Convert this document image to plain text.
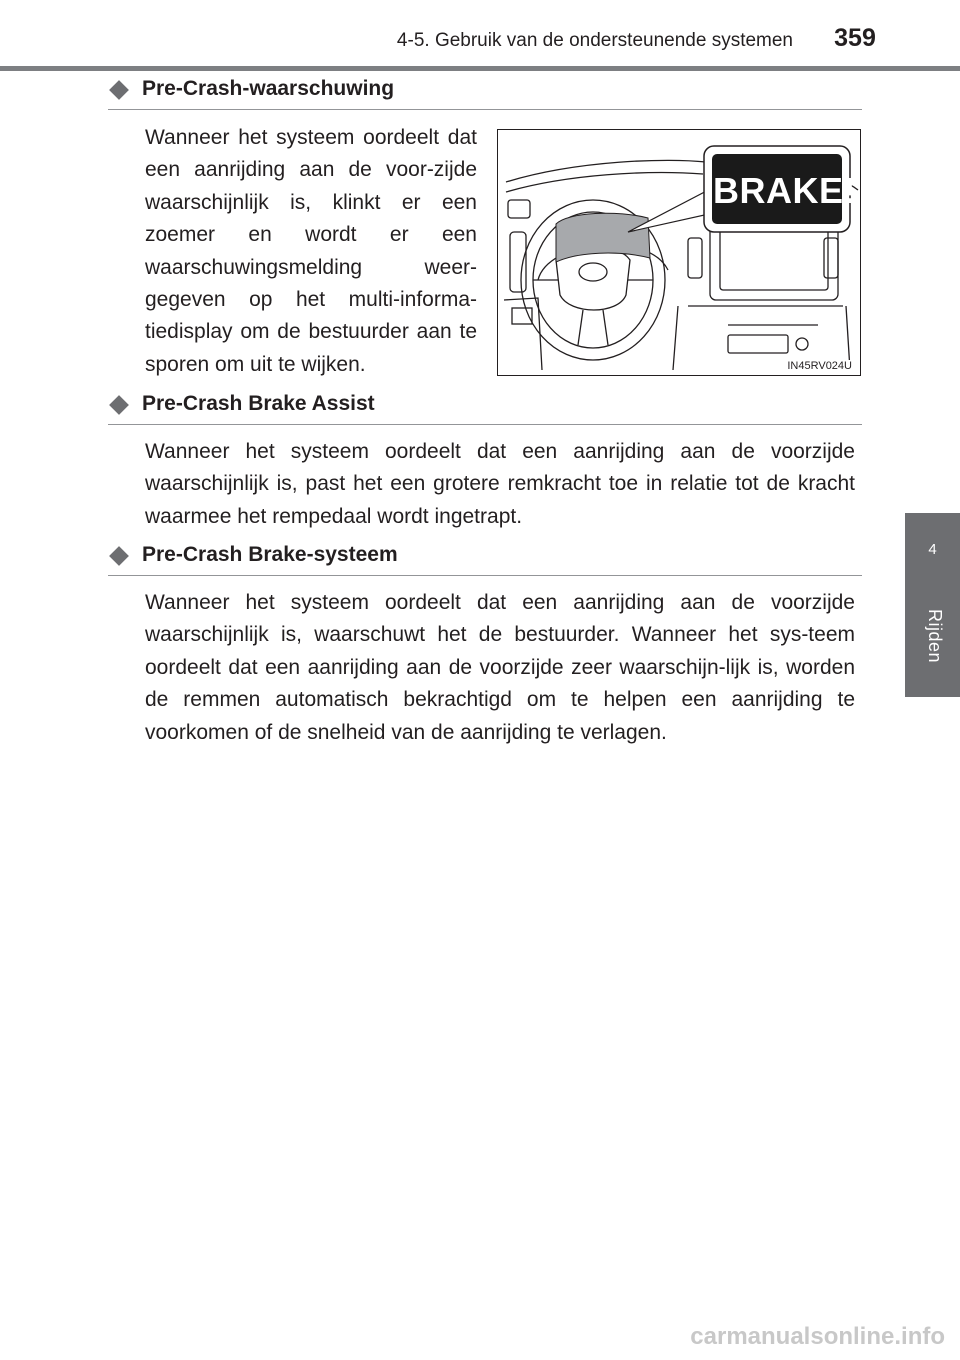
4-5. Gebruik van de ondersteunende systemen	359
4
Rijden
Pre-Crash-waarschuwing

Wanneer het systeem oordeelt dat een aanrijding aan de voor-zijde waarschijnlijk is, klinkt er een zoemer en wordt er een waarschuwingsmelding weer-gegeven op het multi-informa-tiedisplay om de bestuurder aan te sporen om uit te wijken.

BRAKE!
IN45RV024U
Pre-Crash Brake Assist

Wanneer het systeem oordeelt dat een aanrijding aan de voorzijde waarschijnlijk is, past het een grotere remkracht toe in relatie tot de kracht waarmee het rempedaal wordt ingetrapt.

Pre-Crash Brake-systeem

Wanneer het systeem oordeelt dat een aanrijding aan de voorzijde waarschijnlijk is, waarschuwt het de bestuurder. Wanneer het sys-teem oordeelt dat een aanrijding aan de voorzijde zeer waarschijn-lijk is, worden de remmen automatisch bekrachtigd om te helpen een aanrijding te voorkomen of de snelheid van de aanrijding te verlagen.

carmanualsonline.info
